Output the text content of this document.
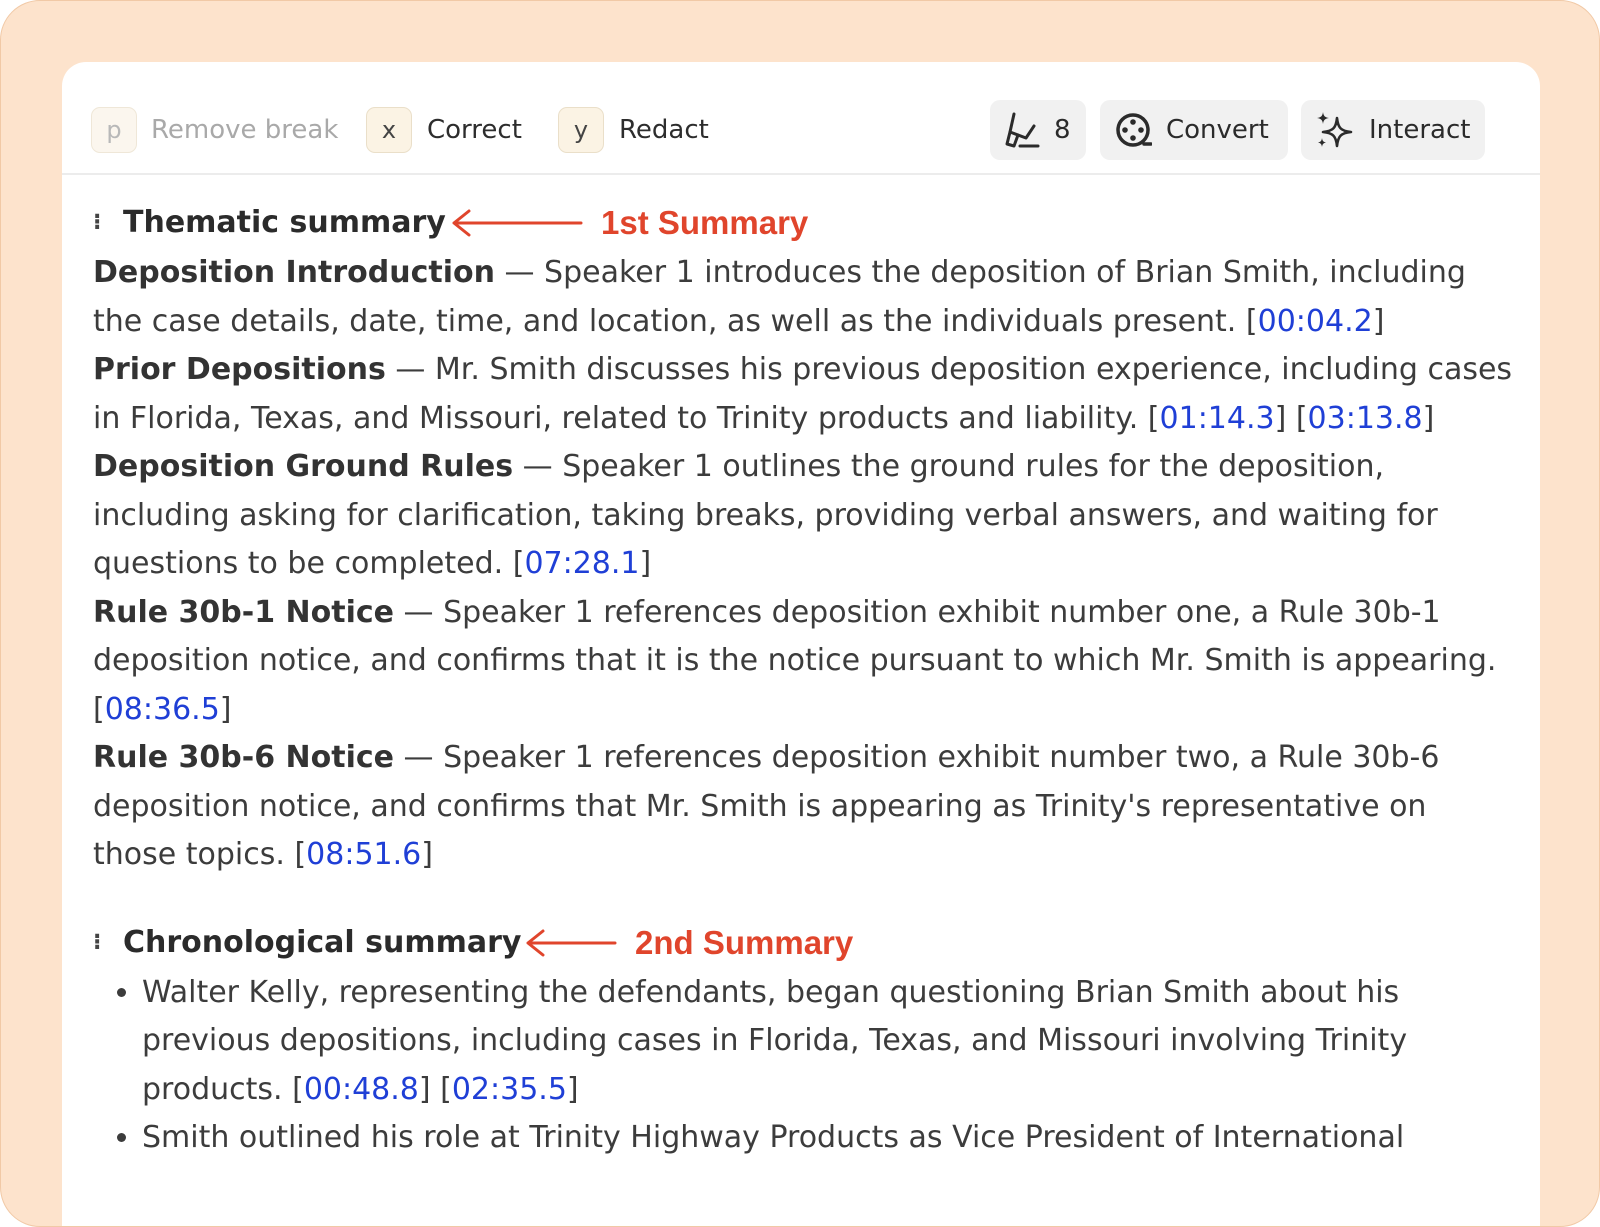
p	Remove break	x	Correct	y	Redact	8	Convert	Interact
⁝ Thematic summary	1st Summary

Deposition Introduction — Speaker 1 introduces the deposition of Brian Smith, including the case details, date, time, and location, as well as the individuals present. [00:04.2]

Prior Depositions — Mr. Smith discusses his previous deposition experience, including cases in Florida, Texas, and Missouri, related to Trinity products and liability. [01:14.3] [03:13.8]

Deposition Ground Rules — Speaker 1 outlines the ground rules for the deposition, including asking for clarification, taking breaks, providing verbal answers, and waiting for questions to be completed. [07:28.1]

Rule 30b-1 Notice — Speaker 1 references deposition exhibit number one, a Rule 30b-1 deposition notice, and confirms that it is the notice pursuant to which Mr. Smith is appearing. [08:36.5]

Rule 30b-6 Notice — Speaker 1 references deposition exhibit number two, a Rule 30b-6 deposition notice, and confirms that Mr. Smith is appearing as Trinity's representative on those topics. [08:51.6]

⁝ Chronological summary	2nd Summary
• Walter Kelly, representing the defendants, began questioning Brian Smith about his previous depositions, including cases in Florida, Texas, and Missouri involving Trinity products. [00:48.8] [02:35.5]
• Smith outlined his role at Trinity Highway Products as Vice President of International
